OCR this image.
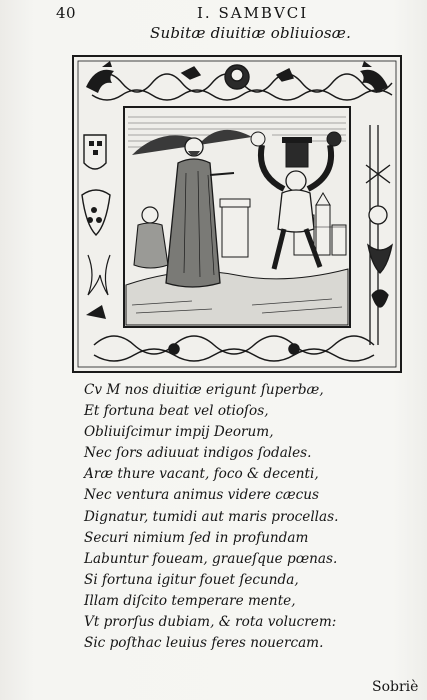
40	I. SAMBVCI
Subitæ diuitiæ obliuiosæ.
Cv M nos diuitiæ erigunt ſuperbæ,
Et fortuna beat vel otioſos,
Obliuiſcimur impij Deorum,
Nec ſors adiuuat indigos ſodales.
Aræ thure vacant, foco & decenti,
Nec ventura animus videre cæcus
Dignatur, tumidi aut maris procellas.
Securi nimium ſed in profundam
Labuntur foueam, graueſque pœnas.
Si fortuna igitur fouet ſecunda,
Illam diſcito temperare mente,
Vt prorſus dubiam, & rota volucrem:
Sic poſthac leuius feres nouercam.
Sobriè
